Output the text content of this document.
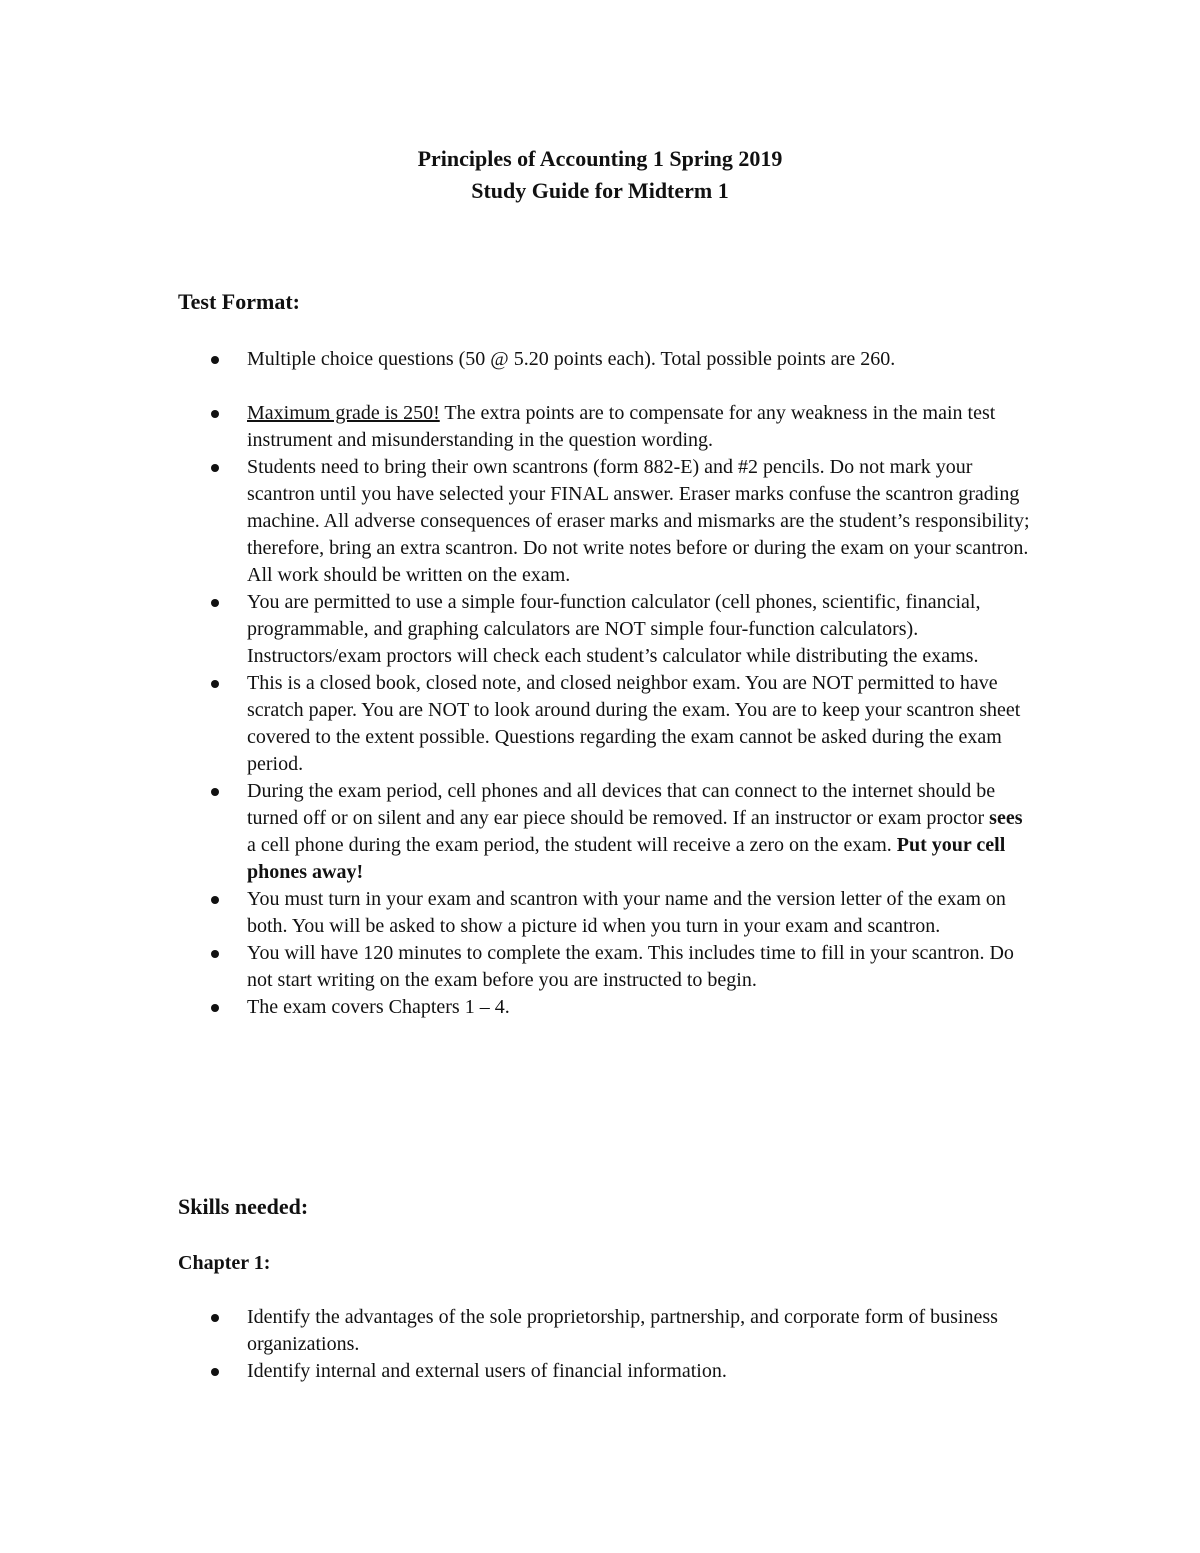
Principles of Accounting 1 Spring 2019
Study Guide for Midterm 1
Test Format:
Multiple choice questions (50 @ 5.20 points each). Total possible points are 260.
Maximum grade is 250! The extra points are to compensate for any weakness in the main test instrument and misunderstanding in the question wording.
Students need to bring their own scantrons (form 882-E) and #2 pencils. Do not mark your scantron until you have selected your FINAL answer. Eraser marks confuse the scantron grading machine. All adverse consequences of eraser marks and mismarks are the student’s responsibility; therefore, bring an extra scantron. Do not write notes before or during the exam on your scantron. All work should be written on the exam.
You are permitted to use a simple four-function calculator (cell phones, scientific, financial, programmable, and graphing calculators are NOT simple four-function calculators). Instructors/exam proctors will check each student’s calculator while distributing the exams.
This is a closed book, closed note, and closed neighbor exam. You are NOT permitted to have scratch paper. You are NOT to look around during the exam. You are to keep your scantron sheet covered to the extent possible. Questions regarding the exam cannot be asked during the exam period.
During the exam period, cell phones and all devices that can connect to the internet should be turned off or on silent and any ear piece should be removed. If an instructor or exam proctor sees a cell phone during the exam period, the student will receive a zero on the exam. Put your cell phones away!
You must turn in your exam and scantron with your name and the version letter of the exam on both. You will be asked to show a picture id when you turn in your exam and scantron.
You will have 120 minutes to complete the exam. This includes time to fill in your scantron. Do not start writing on the exam before you are instructed to begin.
The exam covers Chapters 1 – 4.
Skills needed:
Chapter 1:
Identify the advantages of the sole proprietorship, partnership, and corporate form of business organizations.
Identify internal and external users of financial information.
